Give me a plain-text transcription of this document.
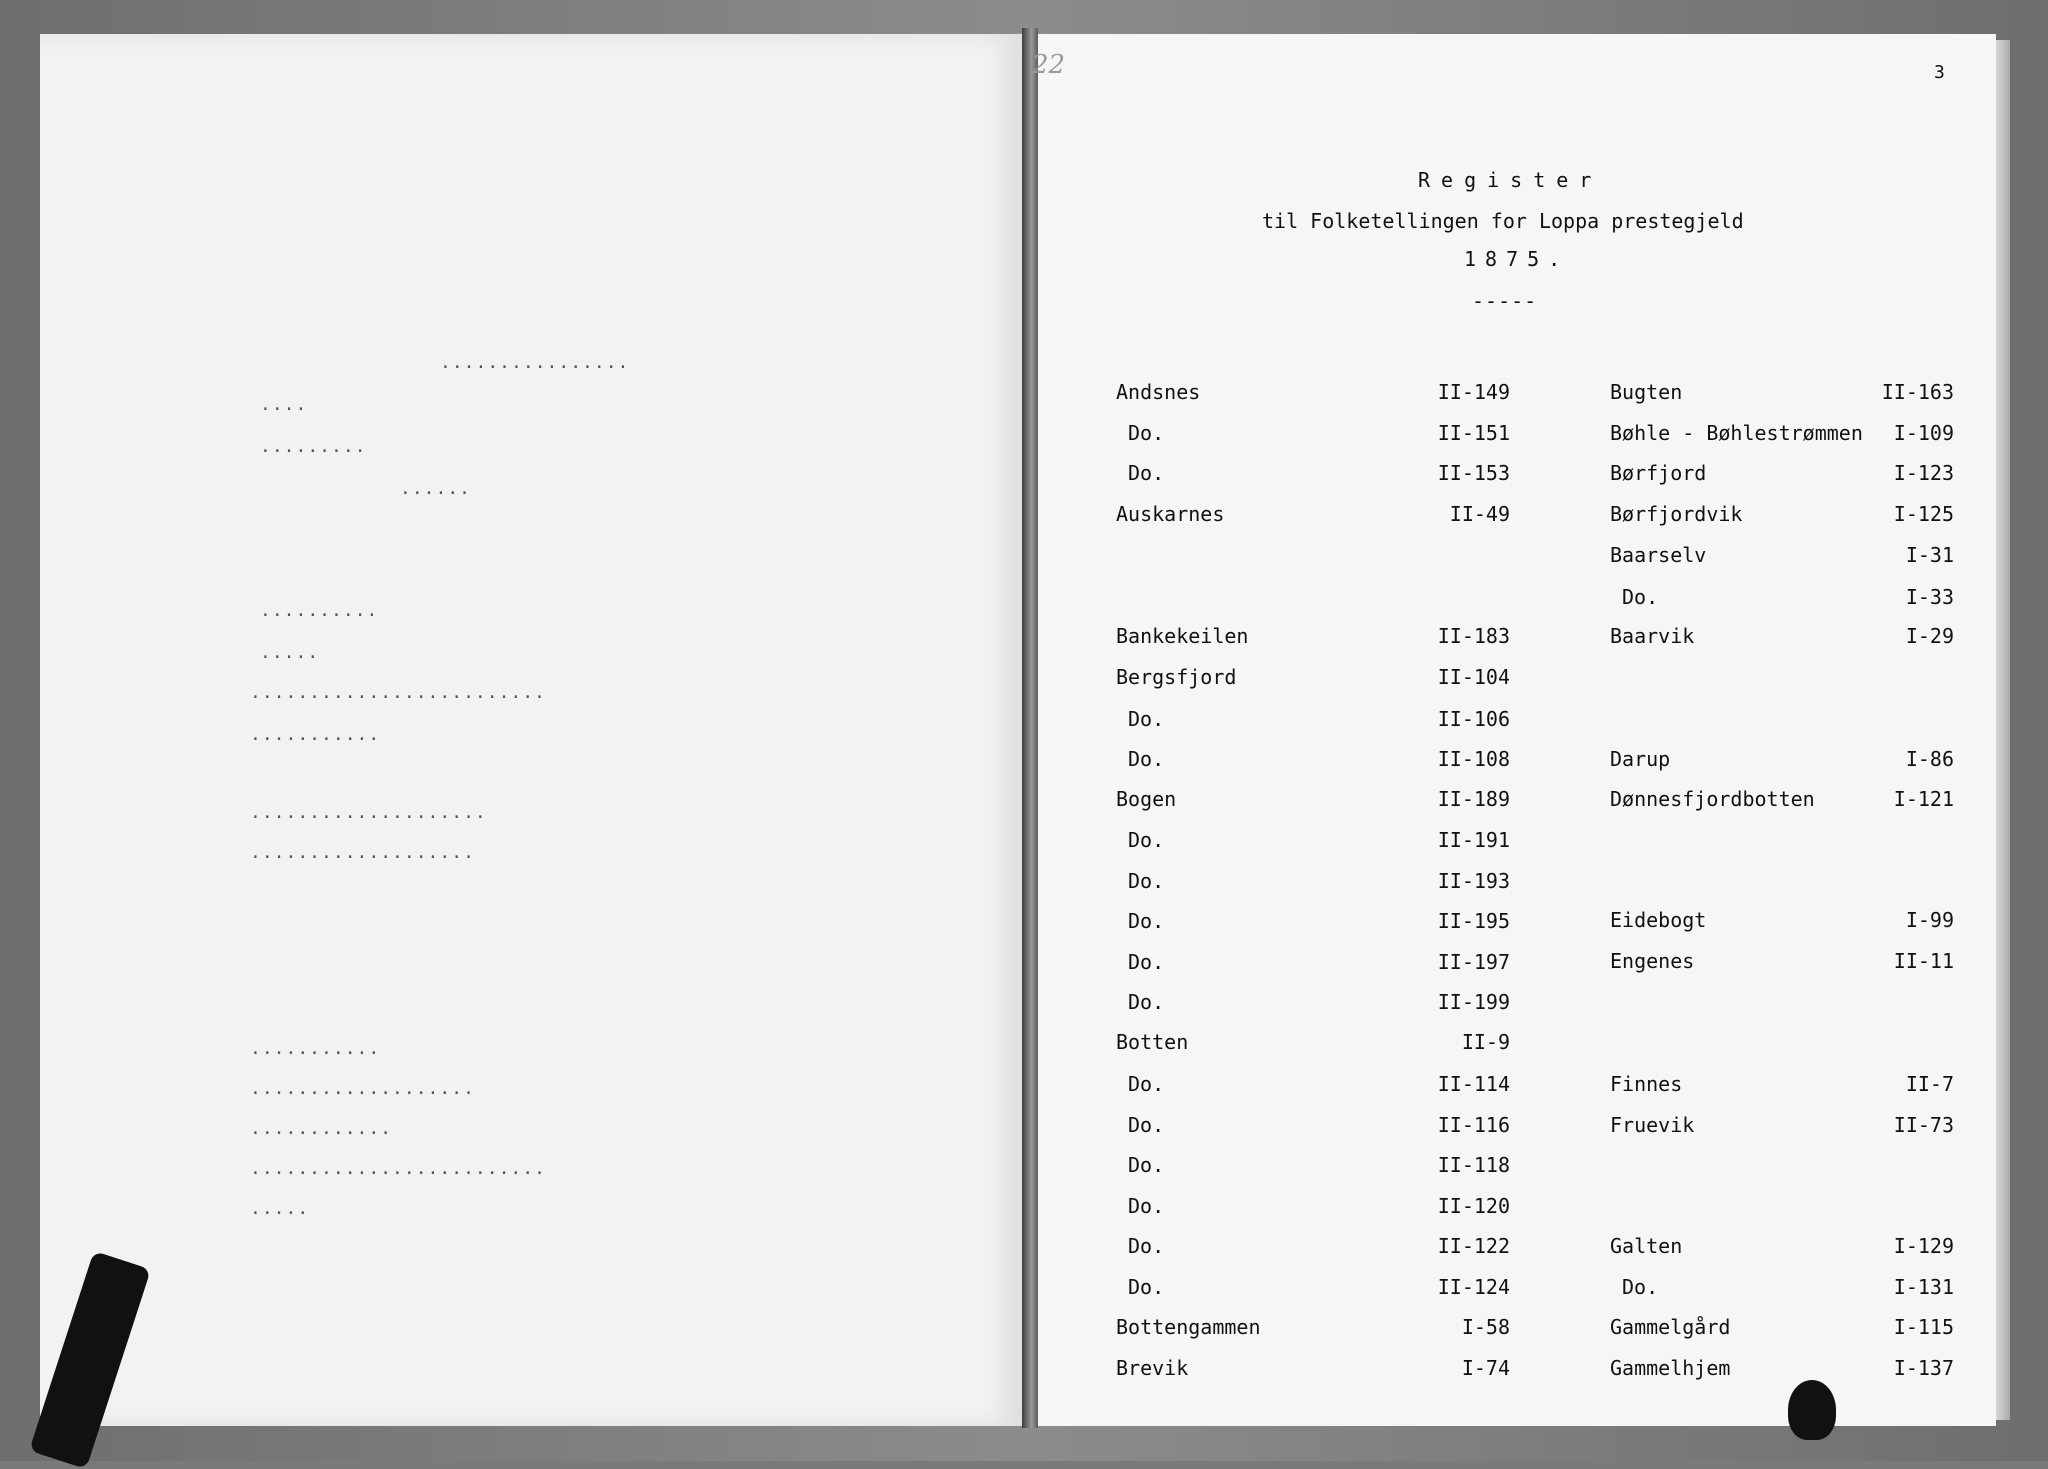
................
....
.........
......
..........
.....
.........................
...........
....................
...................
...........
...................
............
.........................
.....
22	3
Register
til Folketellingen for Loppa prestegjeld
1875.
-----
Andsnes	II-149
Do.	II-151
Do.	II-153
Auskarnes	II-49
Bankekeilen	II-183
Bergsfjord	II-104
Do.	II-106
Do.	II-108
Bogen	II-189
Do.	II-191
Do.	II-193
Do.	II-195
Do.	II-197
Do.	II-199
Botten	II-9
Do.	II-114
Do.	II-116
Do.	II-118
Do.	II-120
Do.	II-122
Do.	II-124
Bottengammen	I-58
Brevik	I-74
Bugten	II-163
Bøhle - Bøhlestrømmen I-109
Børfjord	I-123
Børfjordvik	I-125
Baarselv	I-31
Do.	I-33
Baarvik	I-29
Darup	I-86
Dønnesfjordbotten	I-121
Eidebogt	I-99
Engenes	II-11
Finnes	II-7
Fruevik	II-73
Galten	I-129
Do.	I-131
Gammelgård	I-115
Gammelhjem	I-137
